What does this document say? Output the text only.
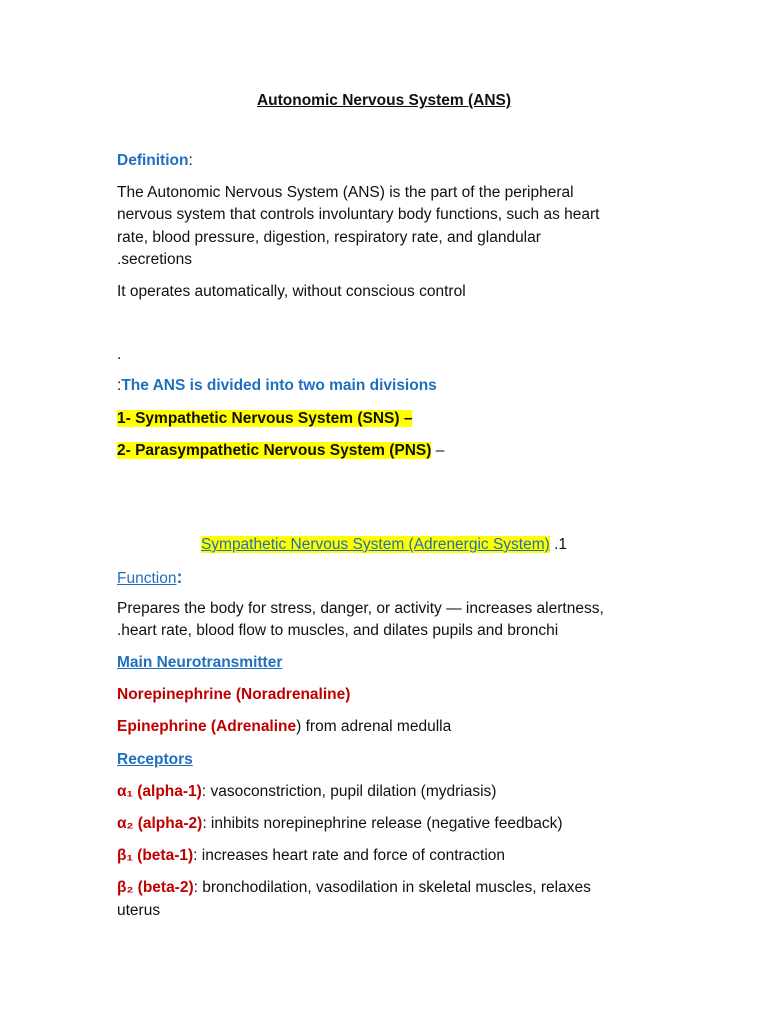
Autonomic Nervous System (ANS)
Definition:
The Autonomic Nervous System (ANS) is the part of the peripheral
nervous system that controls involuntary body functions, such as heart
rate, blood pressure, digestion, respiratory rate, and glandular
.secretions
It operates automatically, without conscious control
.
:The ANS is divided into two main divisions
1- Sympathetic Nervous System (SNS) –
2- Parasympathetic Nervous System (PNS) –
Sympathetic Nervous System (Adrenergic System) .1
Function:
Prepares the body for stress, danger, or activity — increases alertness,
.heart rate, blood flow to muscles, and dilates pupils and bronchi
Main Neurotransmitter
Norepinephrine (Noradrenaline)
Epinephrine (Adrenaline) from adrenal medulla
Receptors
α₁ (alpha-1): vasoconstriction, pupil dilation (mydriasis)
α₂ (alpha-2): inhibits norepinephrine release (negative feedback)
β₁ (beta-1): increases heart rate and force of contraction
β₂ (beta-2): bronchodilation, vasodilation in skeletal muscles, relaxes
uterus
